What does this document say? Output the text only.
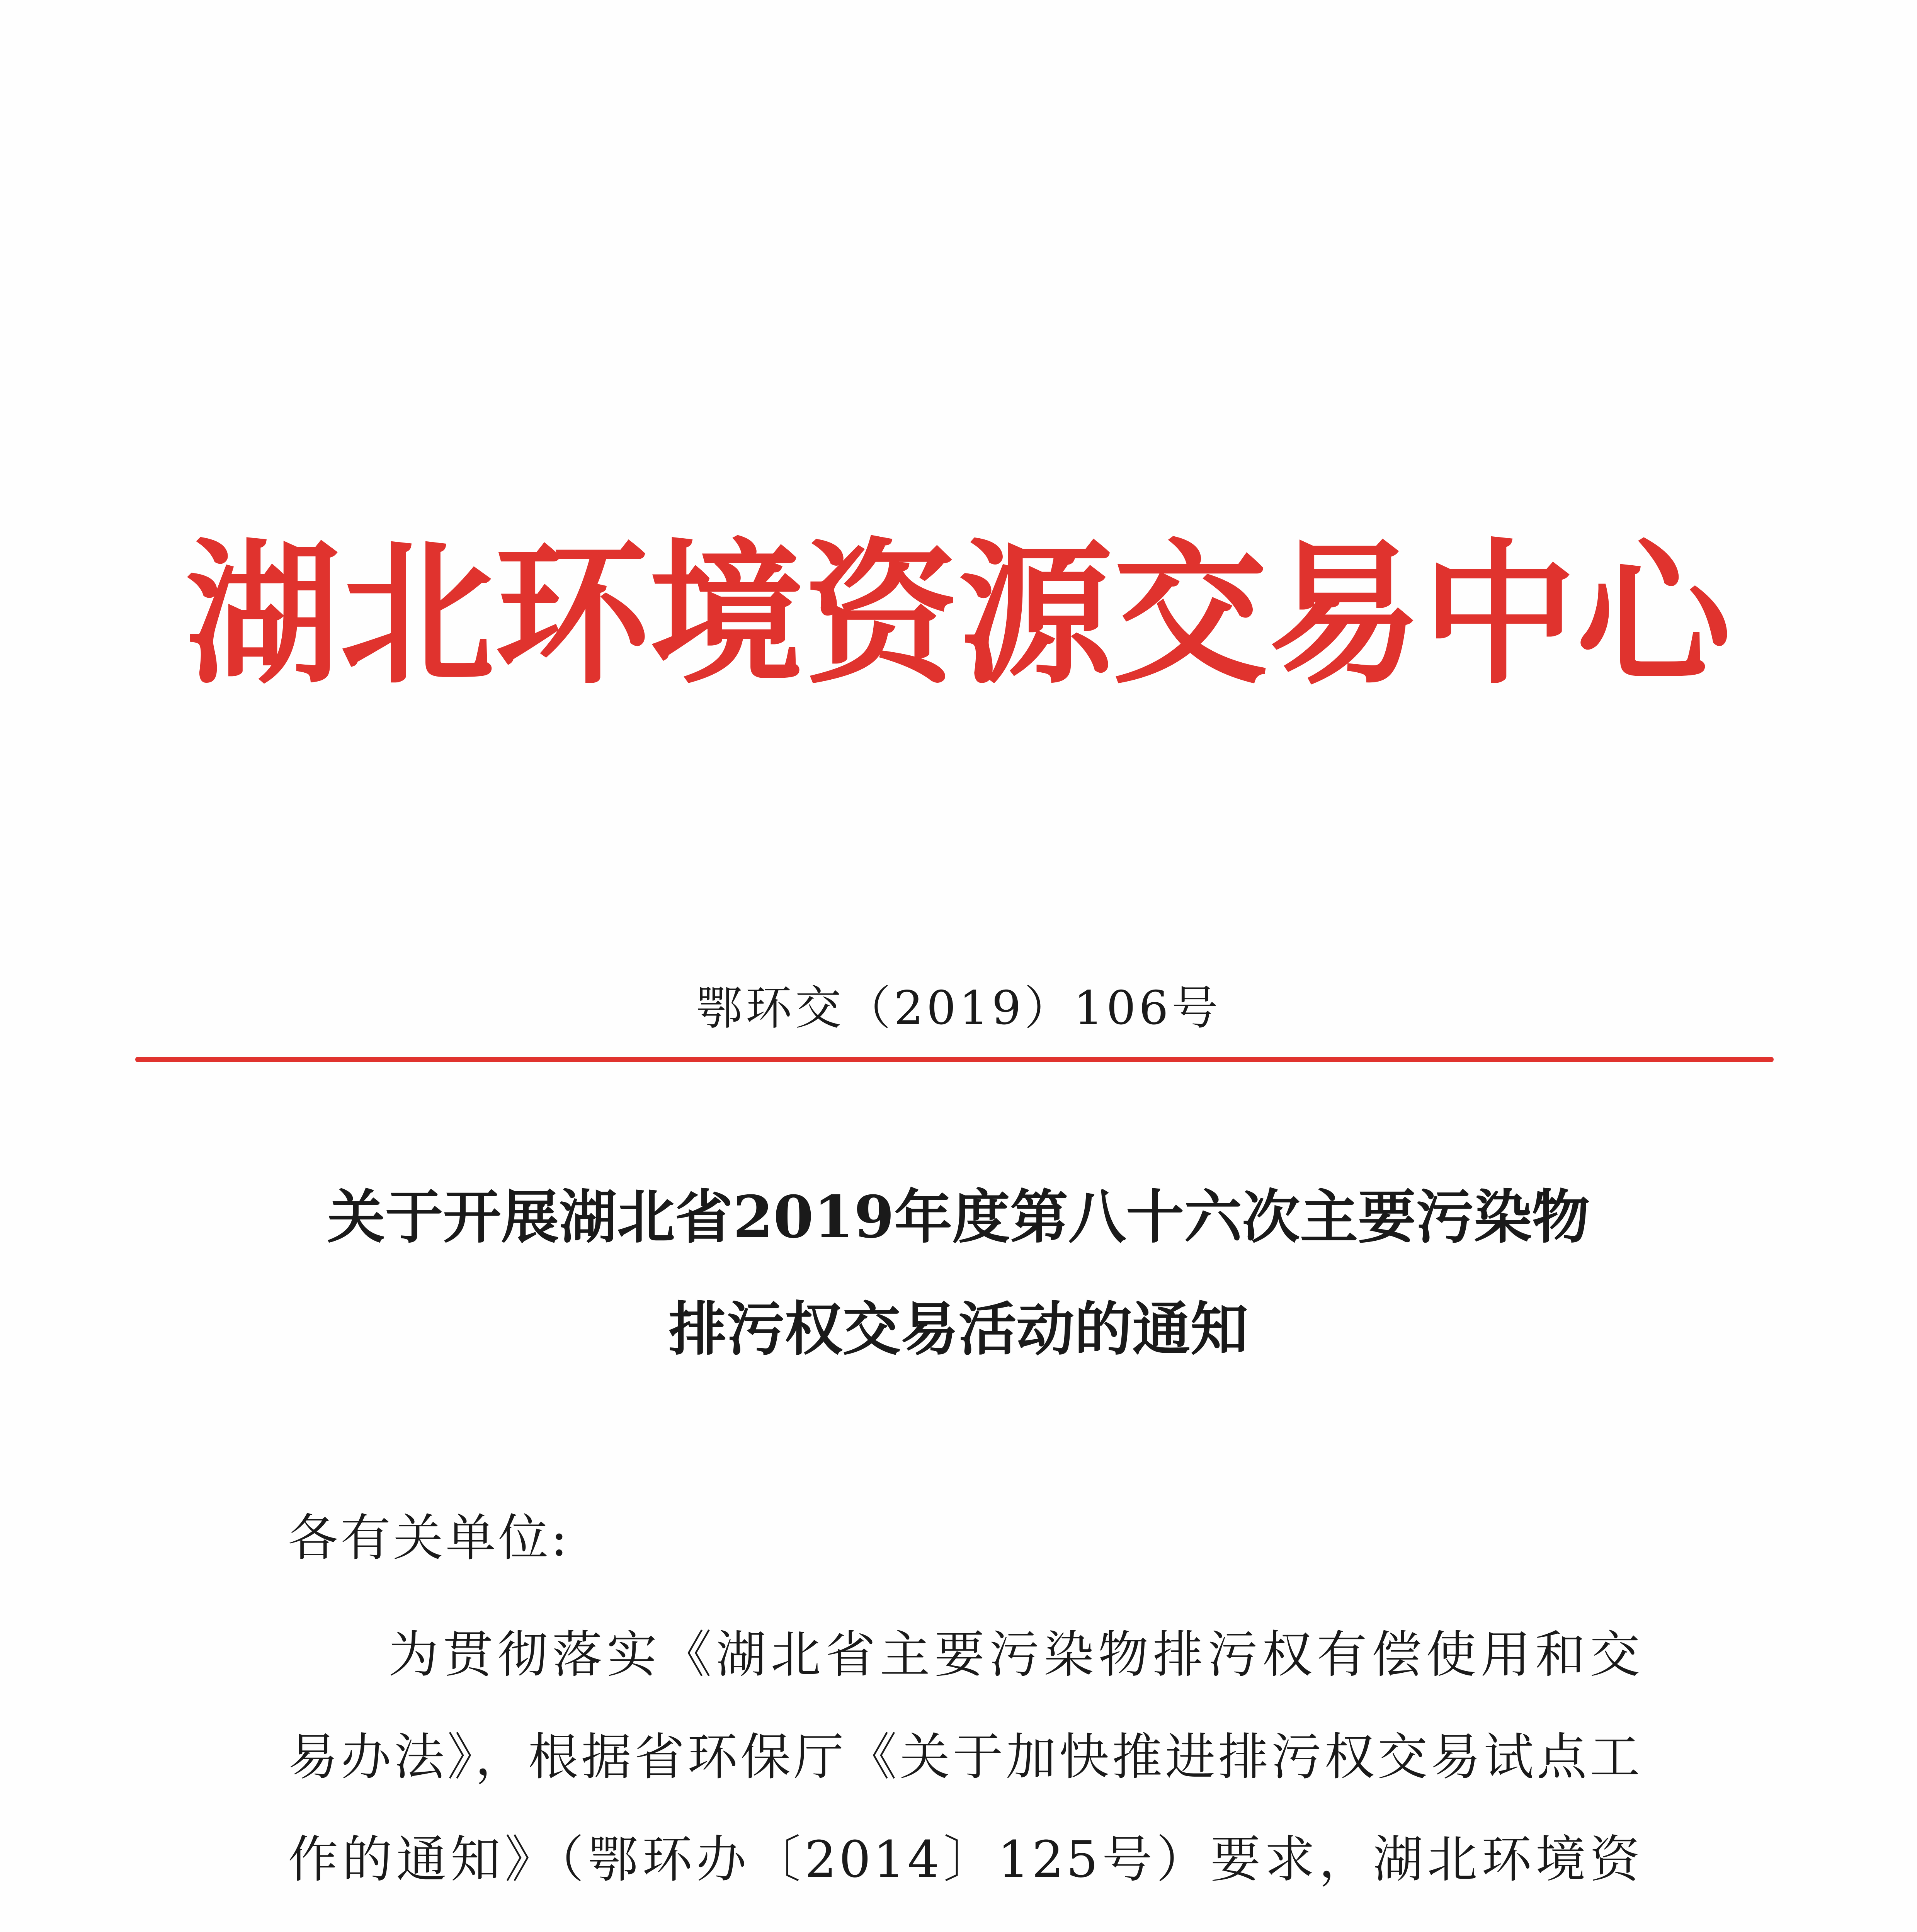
湖北环境资源交易中心
鄂环交（2019）106号
关于开展湖北省2019年度第八十六次主要污染物
排污权交易活动的通知
各有关单位:

为贯彻落实《湖北省主要污染物排污权有偿使用和交易办法》，根据省环保厅《关于加快推进排污权交易试点工作的通知》（鄂环办〔2014〕125号）要求，湖北环境资
